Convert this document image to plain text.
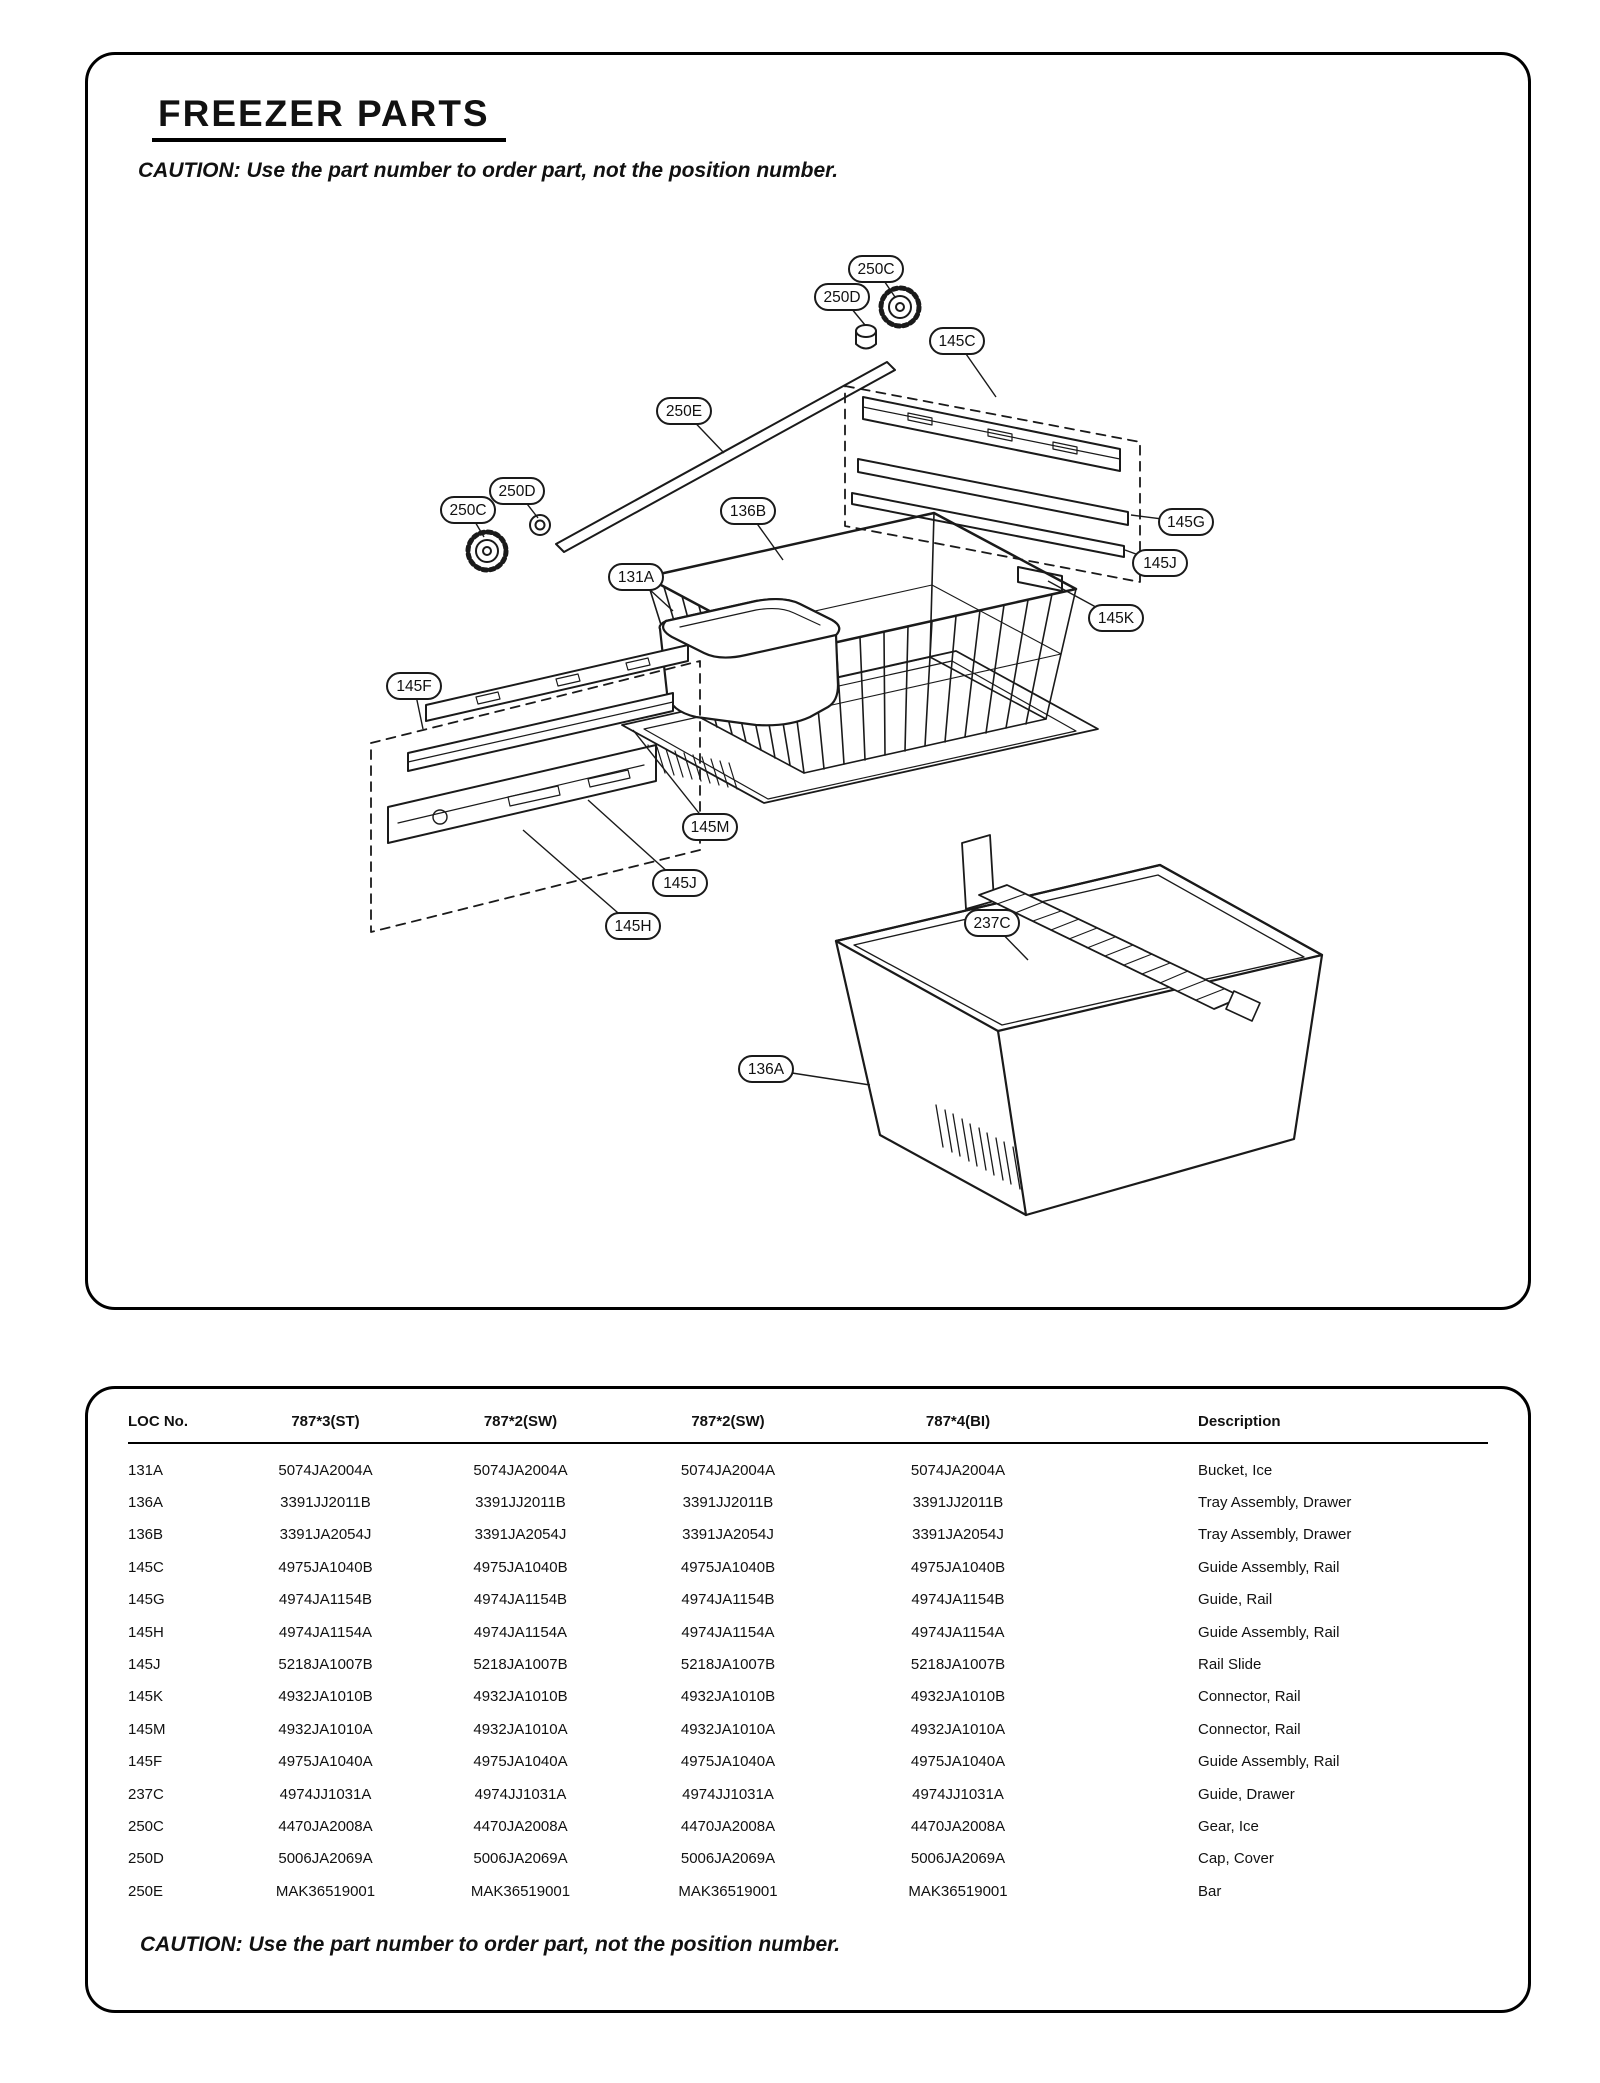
250C
250D
145C
250E
250D
250C	136B
131A
145G
145J
145K
145F
145M
145J
145H	237C
136A
FREEZER PARTS
CAUTION: Use the part number to order part, not the position number.
LOC No.	787*3(ST)	787*2(SW)	787*2(SW)	787*4(BI)	Description
131A	5074JA2004A	5074JA2004A	5074JA2004A	5074JA2004A	Bucket, Ice
136A	3391JJ2011B	3391JJ2011B	3391JJ2011B	3391JJ2011B	Tray Assembly, Drawer
136B	3391JA2054J	3391JA2054J	3391JA2054J	3391JA2054J	Tray Assembly, Drawer
145C	4975JA1040B	4975JA1040B	4975JA1040B	4975JA1040B	Guide Assembly, Rail
145G	4974JA1154B	4974JA1154B	4974JA1154B	4974JA1154B	Guide, Rail
145H	4974JA1154A	4974JA1154A	4974JA1154A	4974JA1154A	Guide Assembly, Rail
145J	5218JA1007B	5218JA1007B	5218JA1007B	5218JA1007B	Rail Slide
145K	4932JA1010B	4932JA1010B	4932JA1010B	4932JA1010B	Connector, Rail
145M	4932JA1010A	4932JA1010A	4932JA1010A	4932JA1010A	Connector, Rail
145F	4975JA1040A	4975JA1040A	4975JA1040A	4975JA1040A	Guide Assembly, Rail
237C	4974JJ1031A	4974JJ1031A	4974JJ1031A	4974JJ1031A	Guide, Drawer
250C	4470JA2008A	4470JA2008A	4470JA2008A	4470JA2008A	Gear, Ice
250D	5006JA2069A	5006JA2069A	5006JA2069A	5006JA2069A	Cap, Cover
250E	MAK36519001	MAK36519001	MAK36519001	MAK36519001	Bar
CAUTION: Use the part number to order part, not the position number.
